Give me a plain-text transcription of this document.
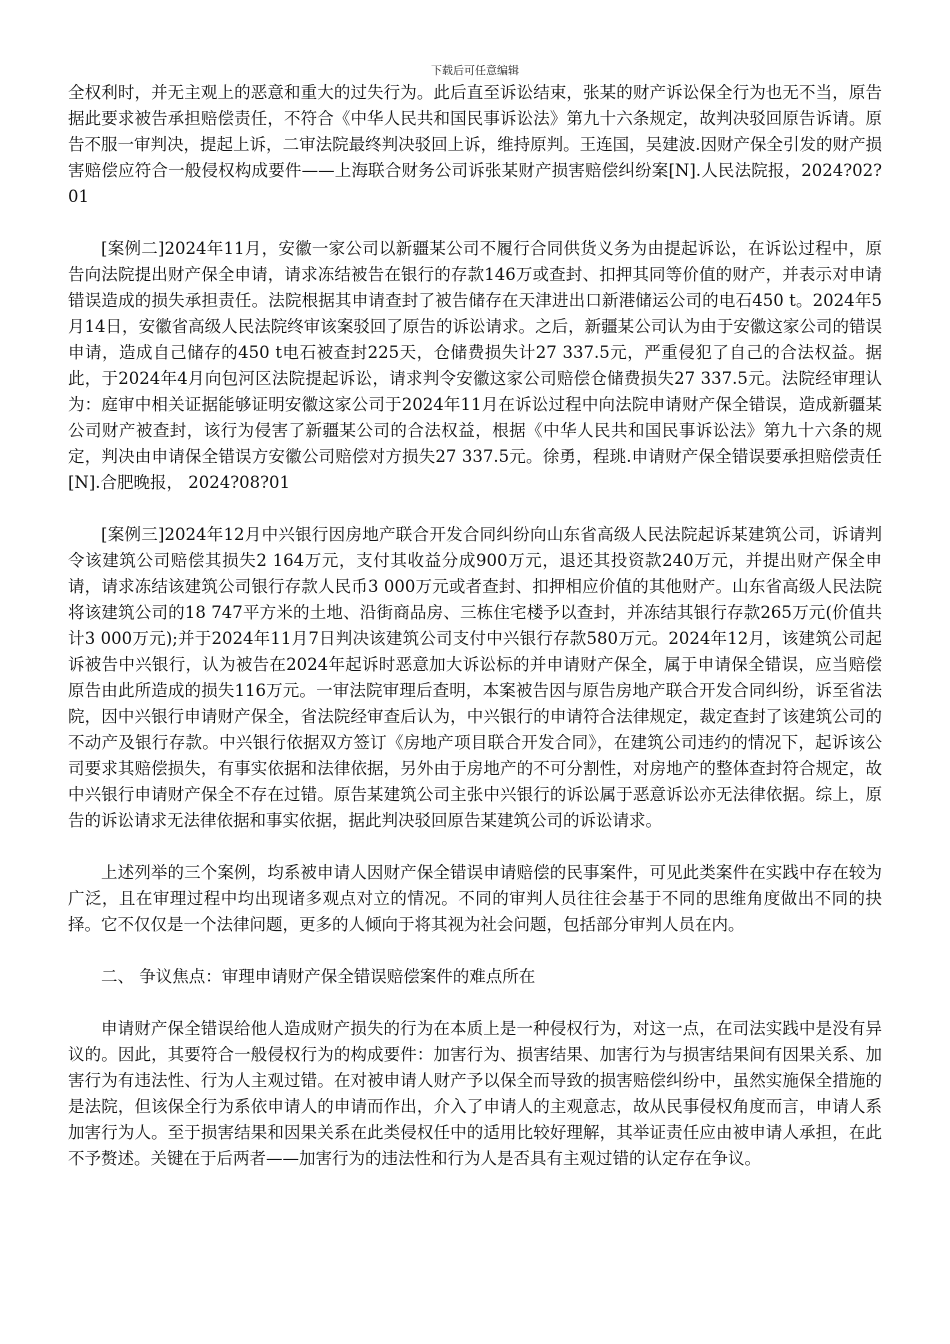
下载后可任意编辑

全权利时，并无主观上的恶意和重大的过失行为。此后直至诉讼结束，张某的财产诉讼保全行为也无不当，原告据此要求被告承担赔偿责任，不符合《中华人民共和国民事诉讼法》第九十六条规定，故判决驳回原告诉请。原告不服一审判决，提起上诉，二审法院最终判决驳回上诉，维持原判。王连国，吴建波.因财产保全引发的财产损害赔偿应符合一般侵权构成要件——上海联合财务公司诉张某财产损害赔偿纠纷案[N].人民法院报，2024?02?01

[案例二]2024年11月，安徽一家公司以新疆某公司不履行合同供货义务为由提起诉讼，在诉讼过程中，原告向法院提出财产保全申请，请求冻结被告在银行的存款146万或查封、扣押其同等价值的财产，并表示对申请错误造成的损失承担责任。法院根据其申请查封了被告储存在天津进出口新港储运公司的电石450 t。2024年5月14日，安徽省高级人民法院终审该案驳回了原告的诉讼请求。之后，新疆某公司认为由于安徽这家公司的错误申请，造成自己储存的450 t电石被查封225天，仓储费损失计27 337.5元，严重侵犯了自己的合法权益。据此，于2024年4月向包河区法院提起诉讼，请求判令安徽这家公司赔偿仓储费损失27 337.5元。法院经审理认为：庭审中相关证据能够证明安徽这家公司于2024年11月在诉讼过程中向法院申请财产保全错误，造成新疆某公司财产被查封，该行为侵害了新疆某公司的合法权益，根据《中华人民共和国民事诉讼法》第九十六条的规定，判决由申请保全错误方安徽公司赔偿对方损失27 337.5元。徐勇，程珧.申请财产保全错误要承担赔偿责任[N].合肥晚报， 2024?08?01

[案例三]2024年12月中兴银行因房地产联合开发合同纠纷向山东省高级人民法院起诉某建筑公司，诉请判令该建筑公司赔偿其损失2 164万元，支付其收益分成900万元，退还其投资款240万元，并提出财产保全申请，请求冻结该建筑公司银行存款人民币3 000万元或者查封、扣押相应价值的其他财产。山东省高级人民法院将该建筑公司的18 747平方米的土地、沿街商品房、三栋住宅楼予以查封，并冻结其银行存款265万元(价值共计3 000万元);并于2024年11月7日判决该建筑公司支付中兴银行存款580万元。2024年12月，该建筑公司起诉被告中兴银行，认为被告在2024年起诉时恶意加大诉讼标的并申请财产保全，属于申请保全错误，应当赔偿原告由此所造成的损失116万元。一审法院审理后查明，本案被告因与原告房地产联合开发合同纠纷，诉至省法院，因中兴银行申请财产保全，省法院经审查后认为，中兴银行的申请符合法律规定，裁定查封了该建筑公司的不动产及银行存款。中兴银行依据双方签订《房地产项目联合开发合同》，在建筑公司违约的情况下，起诉该公司要求其赔偿损失，有事实依据和法律依据，另外由于房地产的不可分割性，对房地产的整体查封符合规定，故中兴银行申请财产保全不存在过错。原告某建筑公司主张中兴银行的诉讼属于恶意诉讼亦无法律依据。综上，原告的诉讼请求无法律依据和事实依据，据此判决驳回原告某建筑公司的诉讼请求。

上述列举的三个案例，均系被申请人因财产保全错误申请赔偿的民事案件，可见此类案件在实践中存在较为广泛，且在审理过程中均出现诸多观点对立的情况。不同的审判人员往往会基于不同的思维角度做出不同的抉择。它不仅仅是一个法律问题，更多的人倾向于将其视为社会问题，包括部分审判人员在内。

二、 争议焦点：审理申请财产保全错误赔偿案件的难点所在

申请财产保全错误给他人造成财产损失的行为在本质上是一种侵权行为，对这一点，在司法实践中是没有异议的。因此，其要符合一般侵权行为的构成要件：加害行为、损害结果、加害行为与损害结果间有因果关系、加害行为有违法性、行为人主观过错。在对被申请人财产予以保全而导致的损害赔偿纠纷中，虽然实施保全措施的是法院，但该保全行为系依申请人的申请而作出，介入了申请人的主观意志，故从民事侵权角度而言，申请人系加害行为人。至于损害结果和因果关系在此类侵权任中的适用比较好理解，其举证责任应由被申请人承担，在此不予赘述。关键在于后两者——加害行为的违法性和行为人是否具有主观过错的认定存在争议。
